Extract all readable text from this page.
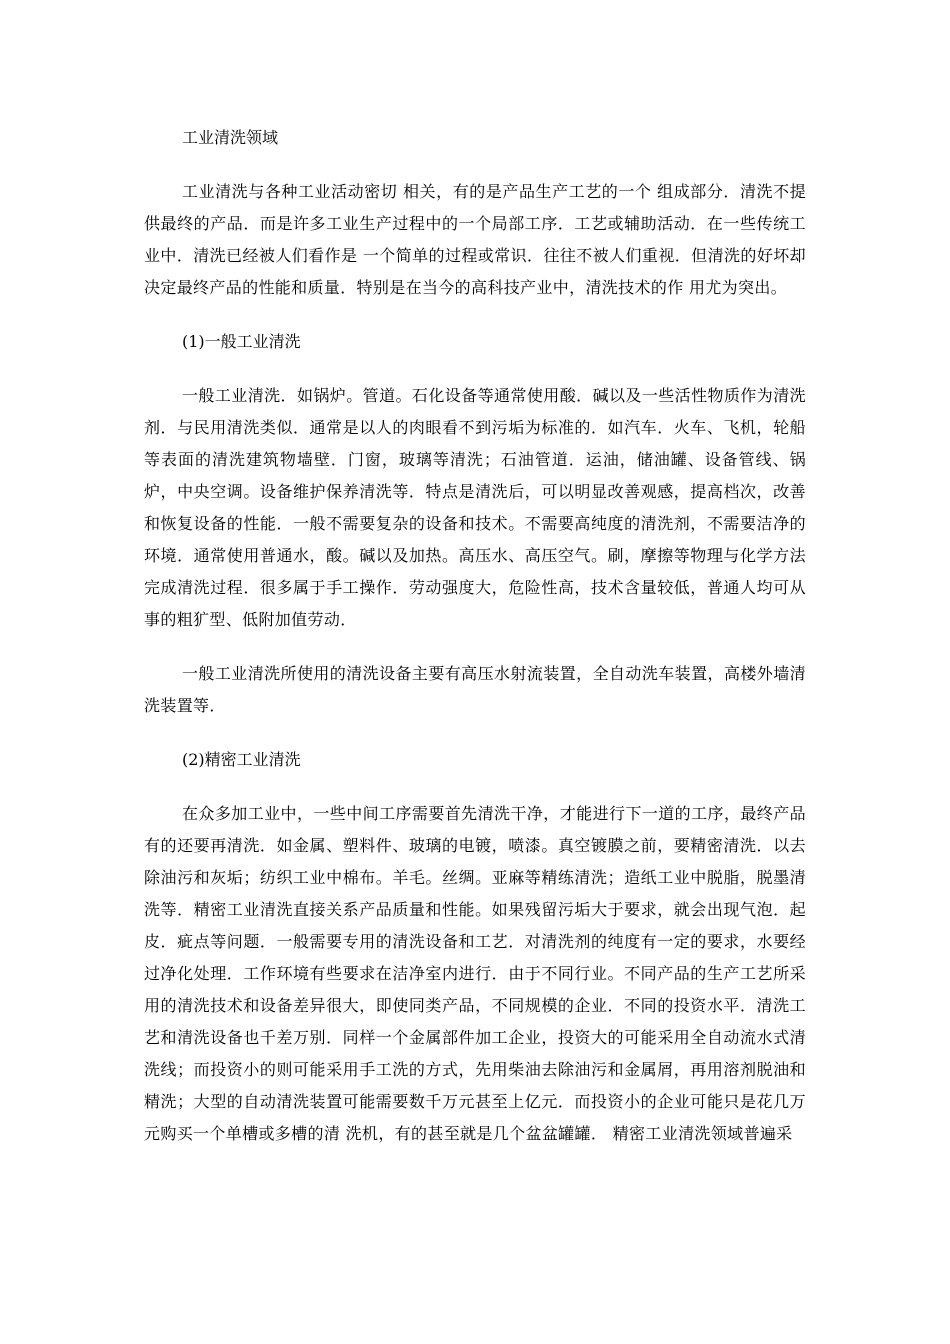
工业清洗领域

工业清洗与各种工业活动密切 相关，有的是产品生产工艺的一个 组成部分．清洗不提供最终的产品．而是许多工业生产过程中的一个局部工序．工艺或辅助活动．在一些传统工业中．清洗已经被人们看作是 一个简单的过程或常识．往往不被人们重视．但清洗的好坏却决定最终产品的性能和质量．特别是在当今的高科技产业中，清洗技术的作 用尤为突出。

(1)一般工业清洗

一般工业清洗．如锅炉。管道。石化设备等通常使用酸．碱以及一些活性物质作为清洗剂．与民用清洗类似．通常是以人的肉眼看不到污垢为标准的．如汽车．火车、飞机，轮船等表面的清洗建筑物墙壁．门窗，玻璃等清洗；石油管道．运油，储油罐、设备管线、锅炉，中央空调。设备维护保养清洗等．特点是清洗后，可以明显改善观感，提高档次，改善和恢复设备的性能．一般不需要复杂的设备和技术。不需要高纯度的清洗剂，不需要洁净的环境．通常使用普通水，酸。碱以及加热。高压水、高压空气。刷，摩擦等物理与化学方法完成清洗过程．很多属于手工操作．劳动强度大，危险性高，技术含量较低，普通人均可从事的粗犷型、低附加值劳动．

一般工业清洗所使用的清洗设备主要有高压水射流装置，全自动洗车装置，高楼外墙清洗装置等．

(2)精密工业清洗

在众多加工业中，一些中间工序需要首先清洗干净，才能进行下一道的工序，最终产品有的还要再清洗．如金属、塑料件、玻璃的电镀，喷漆。真空镀膜之前，要精密清洗．以去除油污和灰垢；纺织工业中棉布。羊毛。丝绸。亚麻等精练清洗；造纸工业中脱脂，脱墨清洗等．精密工业清洗直接关系产品质量和性能。如果残留污垢大于要求，就会出现气泡．起皮．疵点等问题．一般需要专用的清洗设备和工艺．对清洗剂的纯度有一定的要求，水要经过净化处理．工作环境有些要求在洁净室内进行．由于不同行业。不同产品的生产工艺所采用的清洗技术和设备差异很大，即使同类产品，不同规模的企业．不同的投资水平．清洗工艺和清洗设备也千差万别．同样一个金属部件加工企业，投资大的可能采用全自动流水式清洗线；而投资小的则可能采用手工洗的方式，先用柴油去除油污和金属屑，再用溶剂脱油和精洗；大型的自动清洗装置可能需要数千万元甚至上亿元．而投资小的企业可能只是花几万元购买一个单槽或多槽的清 洗机，有的甚至就是几个盆盆罐罐． 精密工业清洗领域普遍采
